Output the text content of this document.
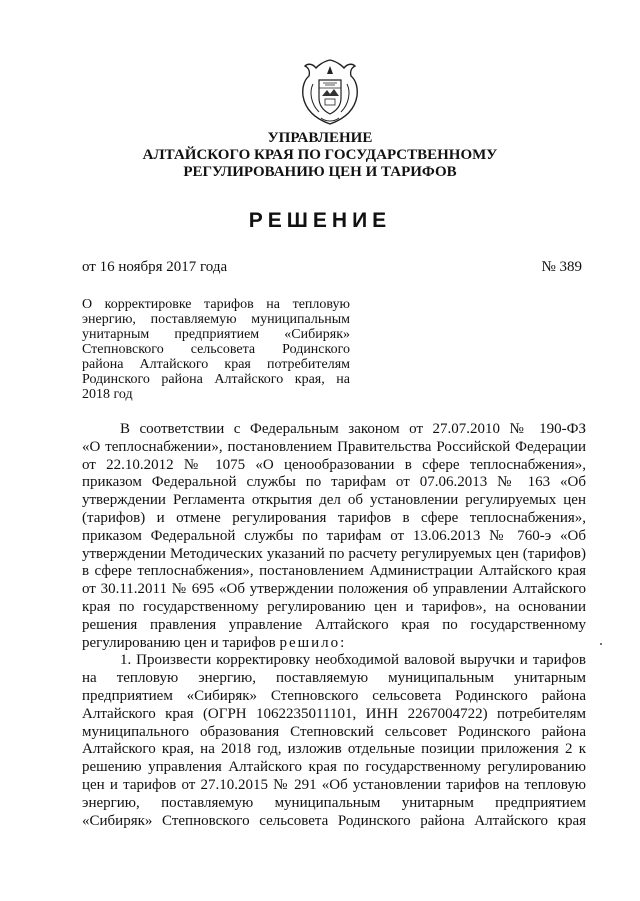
УПРАВЛЕНИЕ
АЛТАЙСКОГО КРАЯ ПО ГОСУДАРСТВЕННОМУ
РЕГУЛИРОВАНИЮ ЦЕН И ТАРИФОВ
РЕШЕНИЕ
от 16 ноября 2017 года	№ 389
О корректировке тарифов на тепловую
энергию, поставляемую муниципальным
унитарным предприятием «Сибиряк»
Степновского сельсовета Родинского
района Алтайского края потребителям
Родинского района Алтайского края, на
2018 год
В соответствии с Федеральным законом от 27.07.2010 № 190-ФЗ
«О теплоснабжении», постановлением Правительства Российской Федерации
от 22.10.2012 № 1075 «О ценообразовании в сфере теплоснабжения»,
приказом Федеральной службы по тарифам от 07.06.2013 № 163 «Об
утверждении Регламента открытия дел об установлении регулируемых цен
(тарифов) и отмене регулирования тарифов в сфере теплоснабжения»,
приказом Федеральной службы по тарифам от 13.06.2013 № 760-э «Об
утверждении Методических указаний по расчету регулируемых цен (тарифов)
в сфере теплоснабжения», постановлением Администрации Алтайского края
от 30.11.2011 № 695 «Об утверждении положения об управлении Алтайского
края по государственному регулированию цен и тарифов», на основании
решения правления управление Алтайского края по государственному
регулированию цен и тарифов решило:
1. Произвести корректировку необходимой валовой выручки и тарифов
на тепловую энергию, поставляемую муниципальным унитарным
предприятием «Сибиряк» Степновского сельсовета Родинского района
Алтайского края (ОГРН 1062235011101, ИНН 2267004722) потребителям
муниципального образования Степновский сельсовет Родинского района
Алтайского края, на 2018 год, изложив отдельные позиции приложения 2 к
решению управления Алтайского края по государственному регулированию
цен и тарифов от 27.10.2015 № 291 «Об установлении тарифов на тепловую
энергию, поставляемую муниципальным унитарным предприятием
«Сибиряк» Степновского сельсовета Родинского района Алтайского края
